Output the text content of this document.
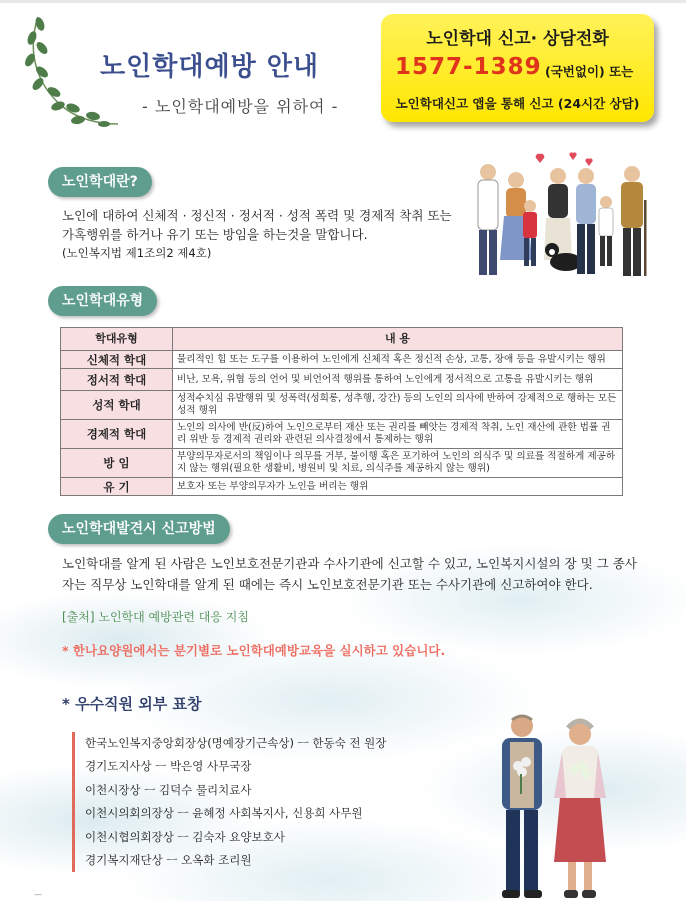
노인학대예방 안내
- 노인학대예방을 위하여 -
노인학대 신고· 상담전화
1577-1389 (국번없이) 또는
노인학대신고 앱을 통해 신고 (24시간 상담)
노인학대란?
노인에 대하여 신체적 · 정신적 · 정서적 · 성적 폭력 및 경제적 착취 또는
가혹행위를 하거나 유기 또는 방임을 하는것을 말합니다.
(노인복지법 제1조의2 제4호)
노인학대유형
학대유형	내 용
신체적 학대	물리적인 힘 또는 도구를 이용하여 노인에게 신체적 혹은 정신적 손상, 고통, 장애 등을 유발시키는 행위
정서적 학대	비난, 모욕, 위협 등의 언어 및 비언어적 행위를 통하여 노인에게 정서적으로 고통을 유발시키는 행위
성적 학대	성적수치심 유발행위 및 성폭력(성희롱, 성추행, 강간) 등의 노인의 의사에 반하여 강제적으로 행하는 모든 성적 행위
경제적 학대	노인의 의사에 반(反)하여 노인으로부터 재산 또는 권리를 빼앗는 경제적 착취, 노인 재산에 관한 법률 권리 위반 등 경제적 권리와 관련된 의사결정에서 통제하는 행위
방 임	부양의무자로서의 책임이나 의무를 거부, 불이행 혹은 포기하여 노인의 의식주 및 의료를 적절하게 제공하지 않는 행위(필요한 생활비, 병원비 및 치료, 의식주를 제공하지 않는 행위)
유 기	보호자 또는 부양의무자가 노인을 버리는 행위
노인학대발견시 신고방법
노인학대를 알게 된 사람은 노인보호전문기관과 수사기관에 신고할 수 있고, 노인복지시설의 장 및 그 종사
자는 직무상 노인학대를 알게 된 때에는 즉시 노인보호전문기관 또는 수사기관에 신고하여야 한다.
[출처] 노인학대 예방관련 대응 지침
* 한나요양원에서는 분기별로 노인학대예방교육을 실시하고 있습니다.
* 우수직원 외부 표창
한국노인복지중앙회장상(명예장기근속상) ㅡ 한동숙 전 원장
경기도지사상 ㅡ 박은영 사무국장
이천시장상 ㅡ 김덕수 물리치료사
이천시의회의장상 ㅡ 윤혜정 사회복지사, 신용희 사무원
이천시협의회장상 ㅡ 김숙자 요양보호사
경기복지재단상 ㅡ 오옥화 조리원
—
